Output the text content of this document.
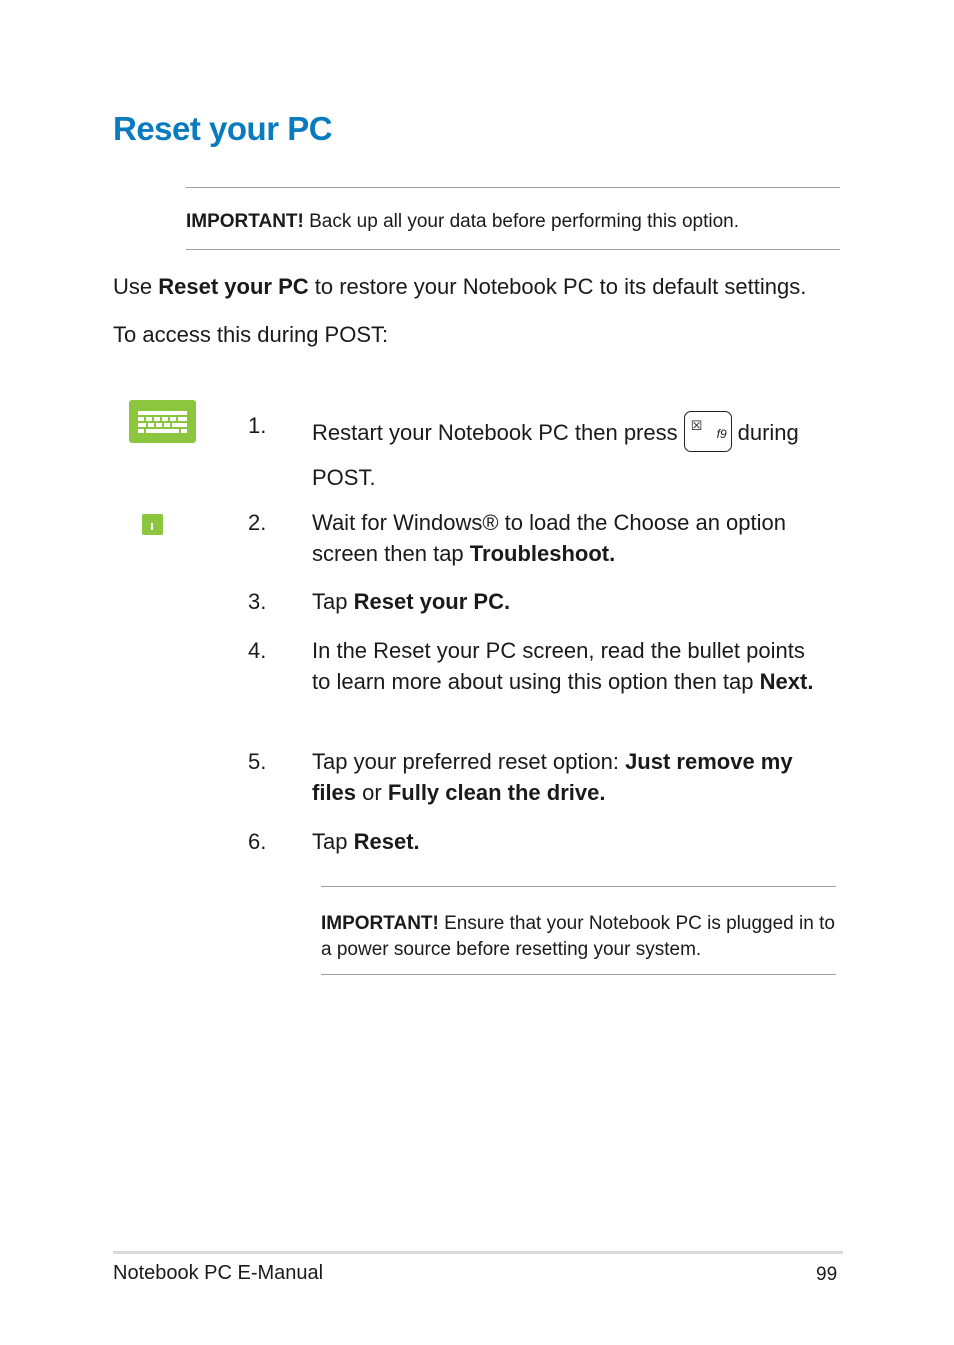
Reset your PC
IMPORTANT! Back up all your data before performing this option.
Use Reset your PC to restore your Notebook PC to its default settings.
To access this during POST:
1. Restart your Notebook PC then press	f9
☒ during
POST.
2. Wait for Windows® to load the Choose an option screen then tap Troubleshoot.
3. Tap Reset your PC.
4. In the Reset your PC screen, read the bullet points to learn more about using this option then tap Next.
5. Tap your preferred reset option: Just remove my files or Fully clean the drive.
6. Tap Reset.
IMPORTANT! Ensure that your Notebook PC is plugged in to a power source before resetting your system.
Notebook PC E-Manual	99
